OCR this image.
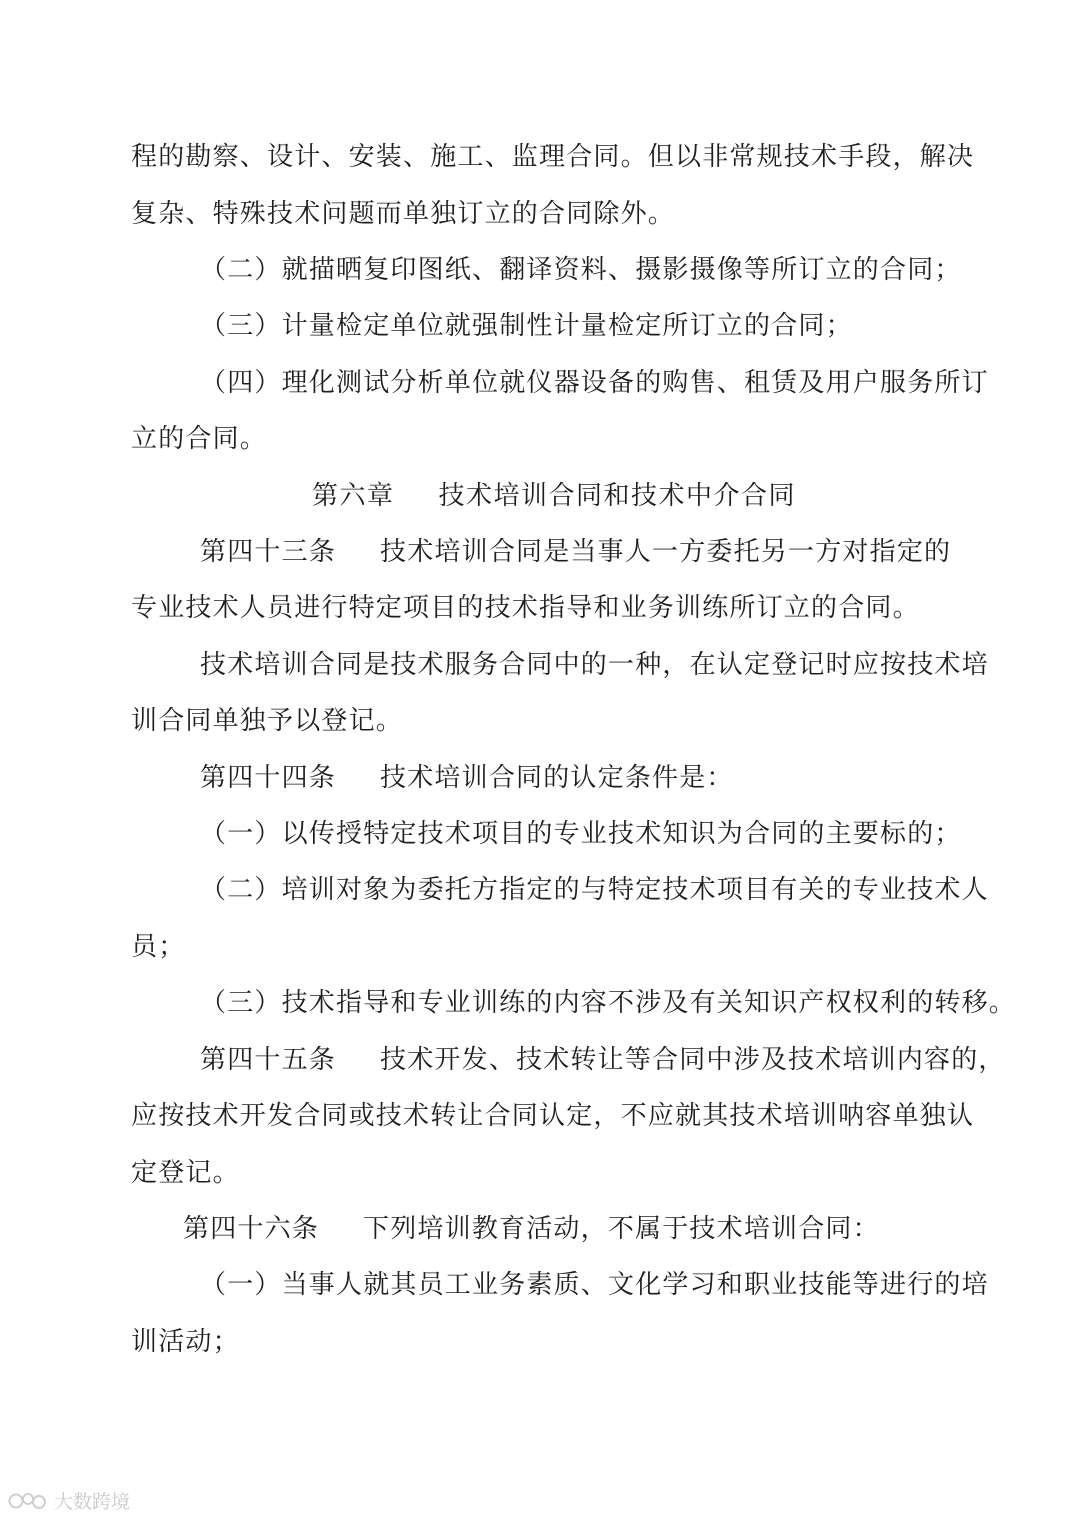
程的勘察、设计、安装、施工、监理合同。但以非常规技术手段，解决
复杂、特殊技术问题而单独订立的合同除外。
（二）就描晒复印图纸、翻译资料、摄影摄像等所订立的合同；
（三）计量检定单位就强制性计量检定所订立的合同；
（四）理化测试分析单位就仪器设备的购售、租赁及用户服务所订
立的合同。
第六章 技术培训合同和技术中介合同
第四十三条 技术培训合同是当事人一方委托另一方对指定的
专业技术人员进行特定项目的技术指导和业务训练所订立的合同。
技术培训合同是技术服务合同中的一种，在认定登记时应按技术培
训合同单独予以登记。
第四十四条 技术培训合同的认定条件是：
（一）以传授特定技术项目的专业技术知识为合同的主要标的；
（二）培训对象为委托方指定的与特定技术项目有关的专业技术人
员；
（三）技术指导和专业训练的内容不涉及有关知识产权权利的转移。
第四十五条 技术开发、技术转让等合同中涉及技术培训内容的，
应按技术开发合同或技术转让合同认定，不应就其技术培训呐容单独认
定登记。
第四十六条 下列培训教育活动，不属于技术培训合同：
（一）当事人就其员工业务素质、文化学习和职业技能等进行的培
训活动；
大数跨境
